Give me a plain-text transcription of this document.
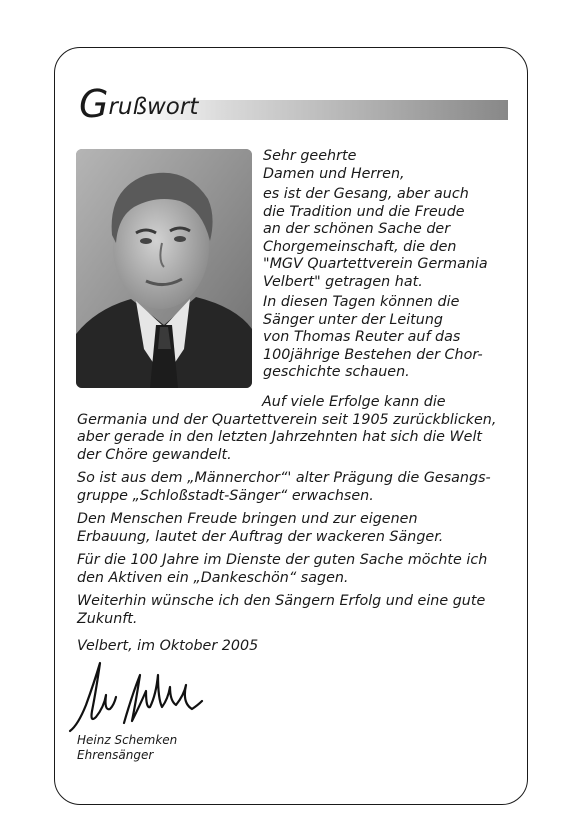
Grußwort
Sehr geehrte
Damen und Herren,
es ist der Gesang, aber auch
die Tradition und die Freude
an der schönen Sache der
Chorgemeinschaft, die den
"MGV Quartettverein Germania
Velbert" getragen hat.
In diesen Tagen können die
Sänger unter der Leitung
von Thomas Reuter auf das
100jährige Bestehen der Chor-
geschichte schauen.
Auf viele Erfolge kann die
Germania und der Quartettverein seit 1905 zurückblicken,
aber gerade in den letzten Jahrzehnten hat sich die Welt
der Chöre gewandelt.
So ist aus dem „Männerchor“' alter Prägung die Gesangs-
gruppe „Schloßstadt-Sänger“ erwachsen.
Den Menschen Freude bringen und zur eigenen
Erbauung, lautet der Auftrag der wackeren Sänger.
Für die 100 Jahre im Dienste der guten Sache möchte ich
den Aktiven ein „Dankeschön“ sagen.
Weiterhin wünsche ich den Sängern Erfolg und eine gute
Zukunft.
Velbert, im Oktober 2005
Heinz Schemken
Ehrensänger
